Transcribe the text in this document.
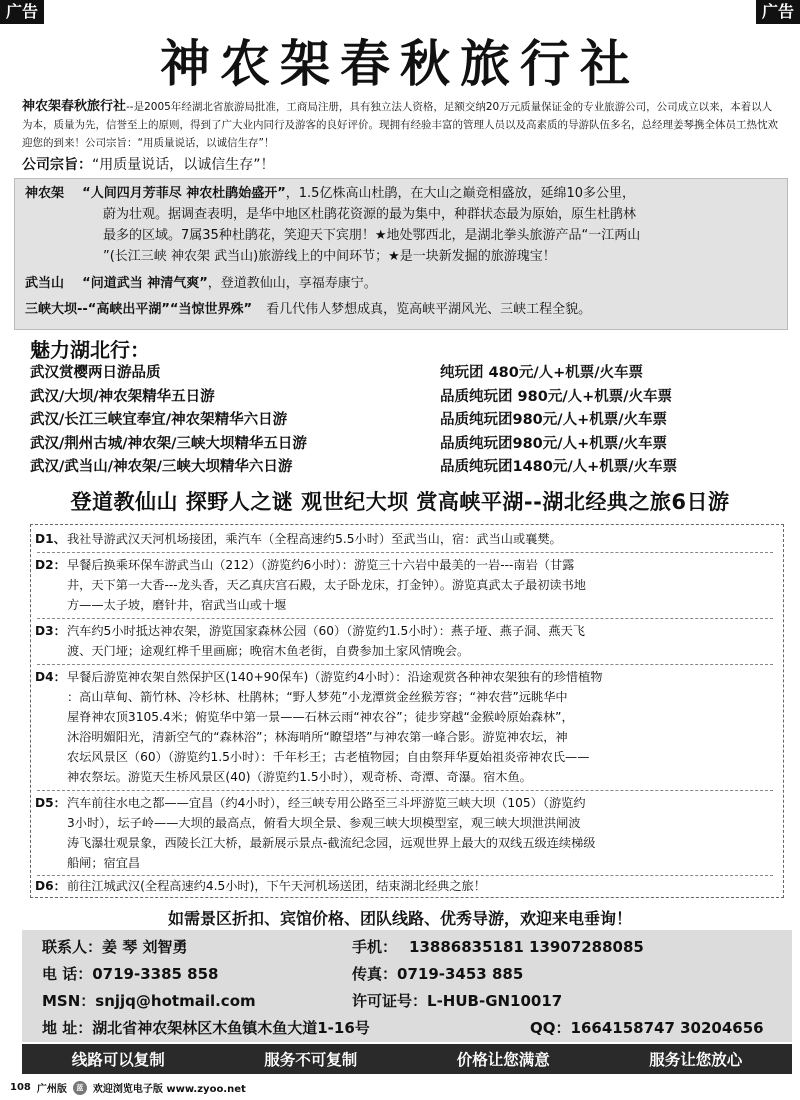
广告	广告
神农架春秋旅行社
神农架春秋旅行社--是2005年经湖北省旅游局批准，工商局注册，具有独立法人资格，足额交纳20万元质量保证金的专业旅游公司，公司成立以来，本着以人为本，质量为先，信誉至上的原则，得到了广大业内同行及游客的良好评价。现拥有经验丰富的管理人员以及高素质的导游队伍多名，总经理姜琴携全体员工热忱欢迎您的到来！公司宗旨：“用质量说话，以诚信生存”！
公司宗旨：“用质量说话，以诚信生存”！

神农架 “人间四月芳菲尽 神农杜鹃始盛开”，1.5亿株高山杜鹃，在大山之巅竞相盛放，延绵10多公里，

蔚为壮观。据调查表明，是华中地区杜鹃花资源的最为集中，种群状态最为原始，原生杜鹃林

最多的区域。7属35种杜鹃花，笑迎天下宾朋！★地处鄂西北，是湖北拳头旅游产品“一江两山

”(长江三峡 神农架 武当山)旅游线上的中间环节；★是一块新发掘的旅游瑰宝！

武当山 “问道武当 神清气爽”，登道教仙山，享福寿康宁。

三峡大坝--“高峡出平湖”“当惊世界殊” 看几代伟人梦想成真，览高峡平湖风光、三峡工程全貌。

魅力湖北行：
武汉赏樱两日游品质	纯玩团 480元/人+机票/火车票
武汉/大坝/神农架精华五日游	品质纯玩团 980元/人+机票/火车票
武汉/长江三峡宜奉宜/神农架精华六日游	品质纯玩团980元/人+机票/火车票
武汉/荆州古城/神农架/三峡大坝精华五日游	品质纯玩团980元/人+机票/火车票
武汉/武当山/神农架/三峡大坝精华六日游	品质纯玩团1480元/人+机票/火车票
登道教仙山 探野人之谜 观世纪大坝 赏高峡平湖--湖北经典之旅6日游
D1、我社导游武汉天河机场接团，乘汽车（全程高速约5.5小时）至武当山，宿：武当山或襄樊。
D2：早餐后换乘环保车游武当山（212）（游览约6小时）：游览三十六岩中最美的一岩---南岩（甘露
井，天下第一大香---龙头香，天乙真庆宫石殿，太子卧龙床，打金钟）。游览真武太子最初读书地
方——太子坡，磨针井，宿武当山或十堰
D3：汽车约5小时抵达神农架，游览国家森林公园（60）（游览约1.5小时）：燕子垭、燕子洞、燕天飞
渡、天门垭；途观红桦千里画廊；晚宿木鱼老街，自费参加土家风情晚会。
D4：早餐后游览神农架自然保护区(140+90保车)（游览约4小时）：沿途观赏各种神农架独有的珍惜植物
：高山草甸、箭竹林、冷杉林、杜鹃林；“野人梦苑”小龙潭赏金丝猴芳容；“神农营”远眺华中
屋脊神农顶3105.4米；俯览华中第一景——石林云雨“神农谷”；徒步穿越“金猴岭原始森林”，
沐浴明媚阳光，清新空气的“森林浴”；林海哨所“瞭望塔”与神农第一峰合影。游览神农坛，神
农坛风景区（60）（游览约1.5小时）：千年杉王；古老植物园；自由祭拜华夏始祖炎帝神农氏——
神农祭坛。游览天生桥风景区(40)（游览约1.5小时），观奇桥、奇潭、奇瀑。宿木鱼。
D5：汽车前往水电之都——宜昌（约4小时），经三峡专用公路至三斗坪游览三峡大坝（105）（游览约
3小时），坛子岭——大坝的最高点，俯看大坝全景、参观三峡大坝模型室，观三峡大坝泄洪闸波
涛飞瀑壮观景象，西陵长江大桥，最新展示景点-截流纪念园，远观世界上最大的双线五级连续梯级
船闸；宿宜昌
D6：前往江城武汉(全程高速约4.5小时)，下午天河机场送团，结束湖北经典之旅！
如需景区折扣、宾馆价格、团队线路、优秀导游，欢迎来电垂询！
联系人：姜 琴 刘智勇	手机： 13886835181 13907288085
电 话：0719-3385 858	传真：0719-3453 885
MSN：snjjq@hotmail.com	许可证号：L-HUB-GN10017
地 址：湖北省神农架林区木鱼镇木鱼大道1-16号	QQ：1664158747 30204656
线路可以复制	服务不可复制	价格让您满意	服务让您放心
108 广州版	蓝 欢迎浏览电子版 www.zyoo.net
